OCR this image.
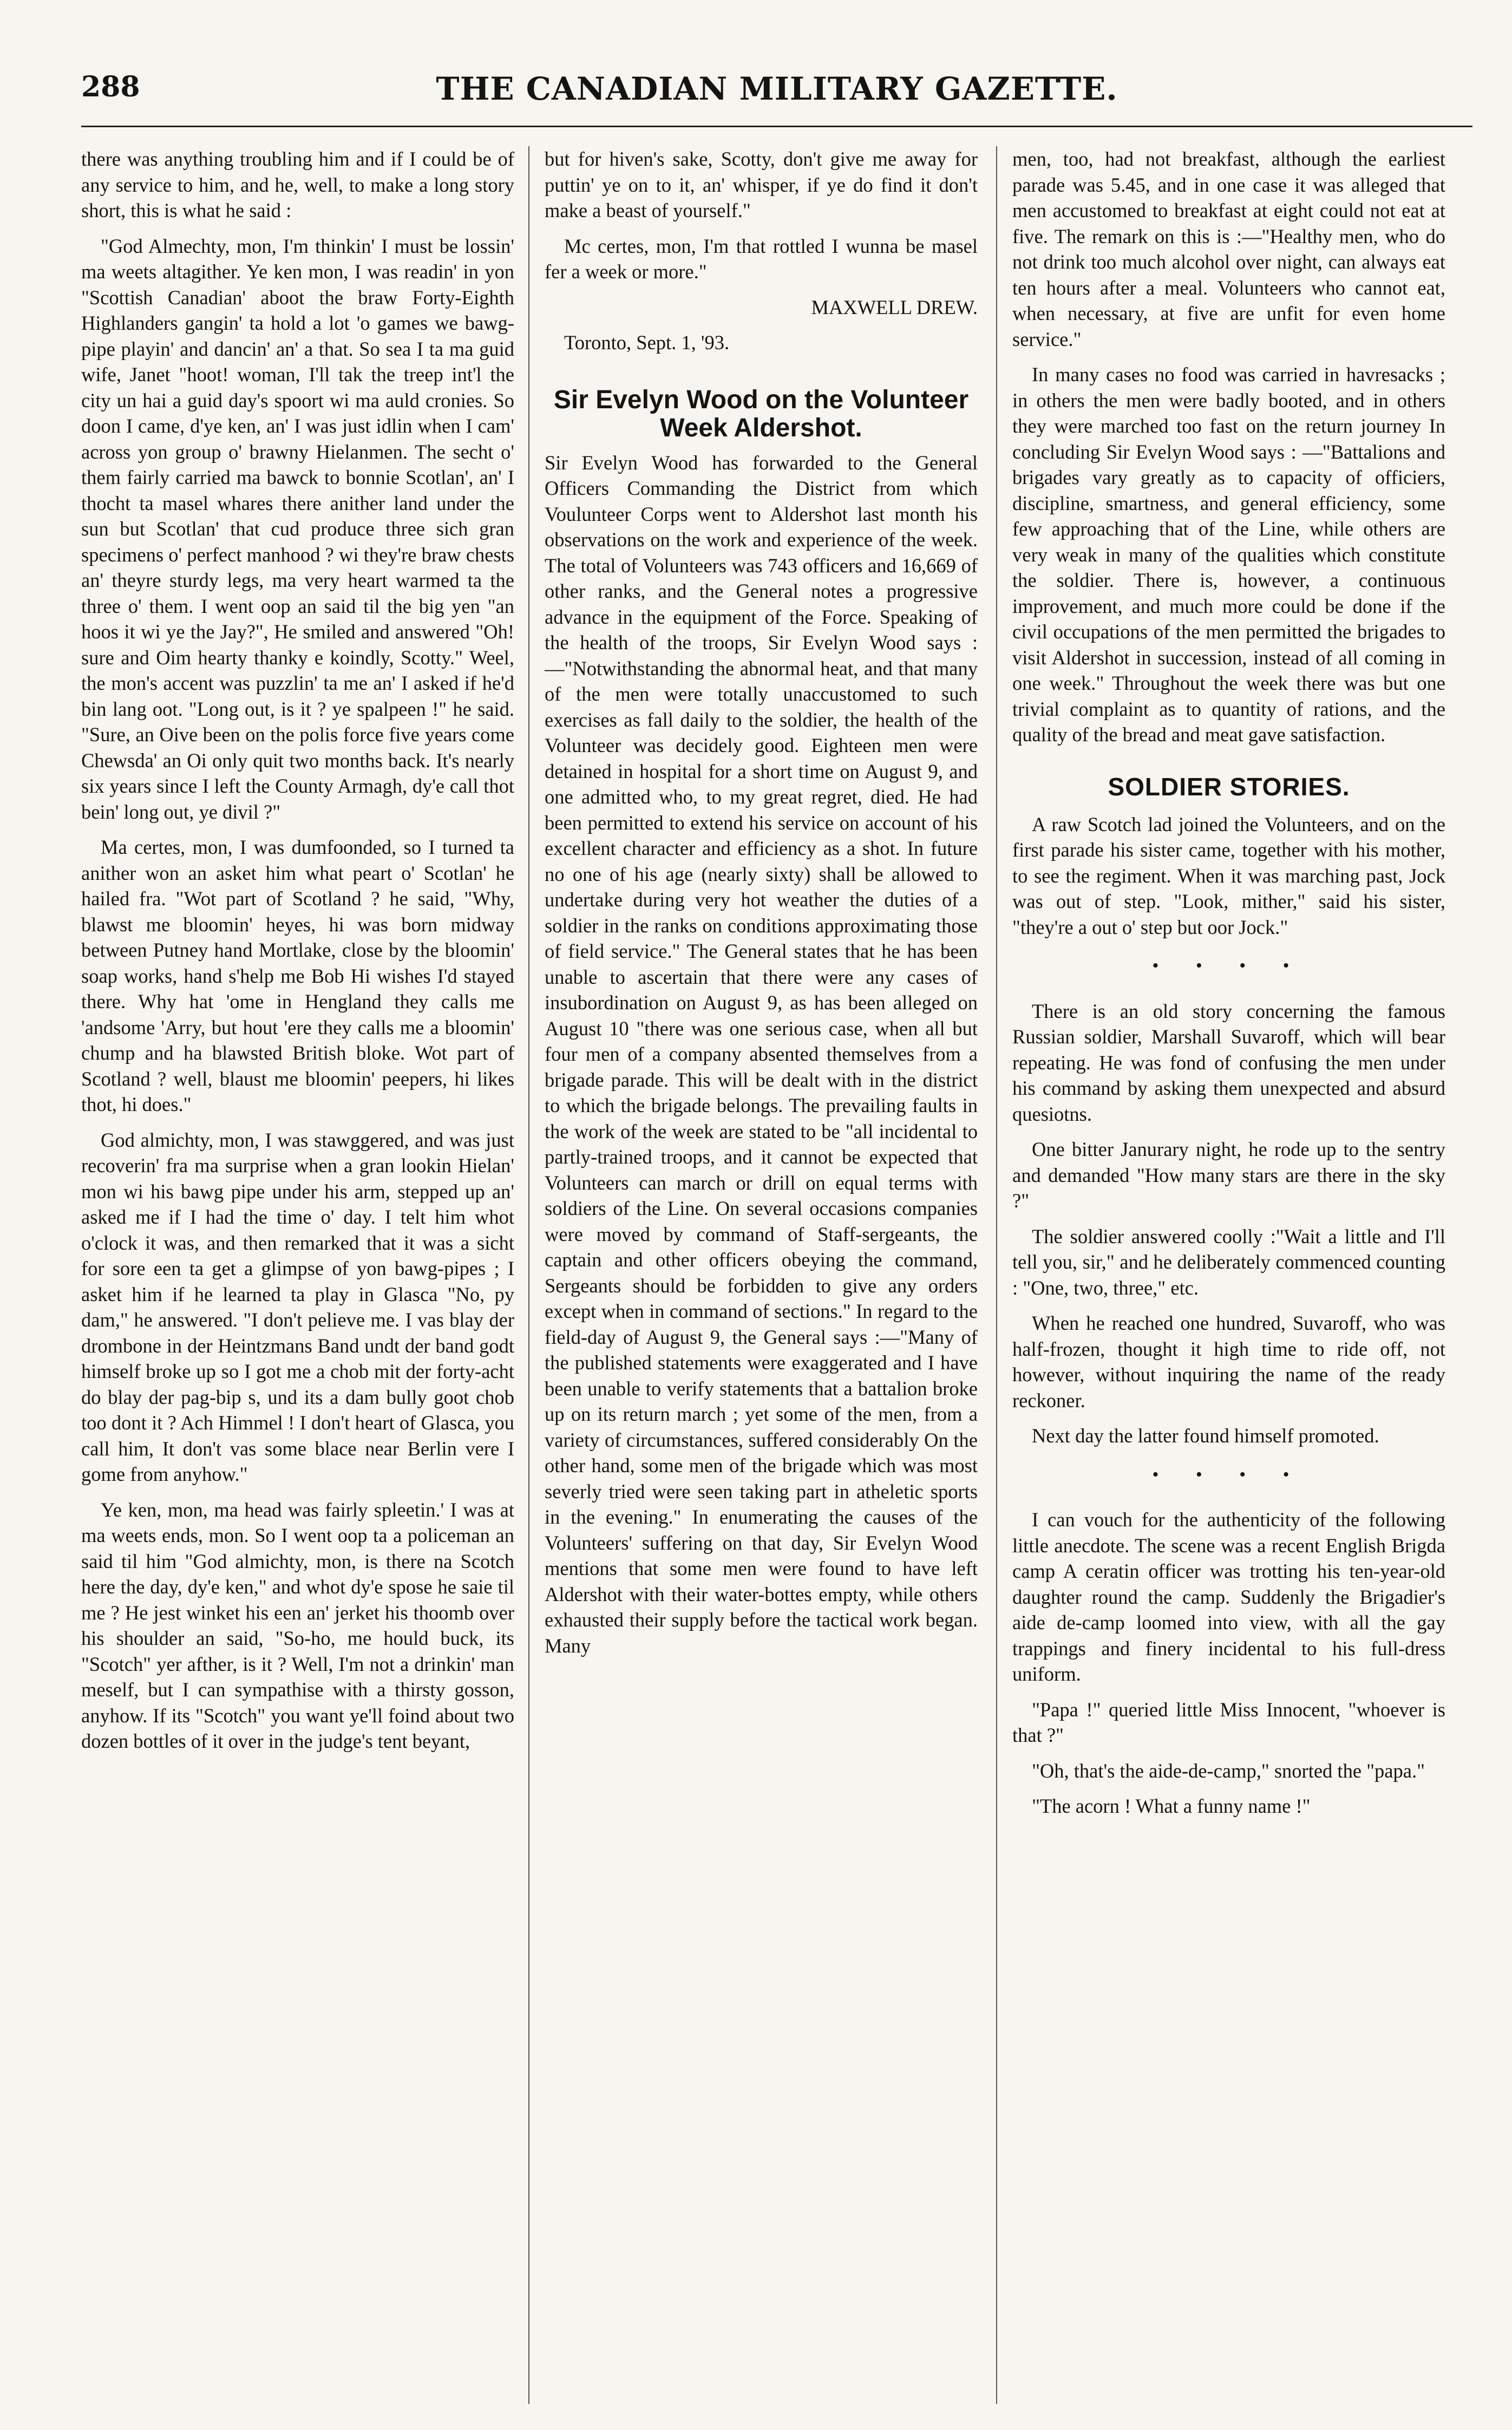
288	THE CANADIAN MILITARY GAZETTE.

there was anything troubling him and if I could be of any service to him, and he, well, to make a long story short, this is what he said :

"God Almechty, mon, I'm thinkin' I must be lossin' ma weets altagither. Ye ken mon, I was readin' in yon "Scottish Canadian' aboot the braw Forty-Eighth Highlanders gangin' ta hold a lot 'o games we bawg-pipe playin' and dancin' an' a that. So sea I ta ma guid wife, Janet "hoot! woman, I'll tak the treep int'l the city un hai a guid day's spoort wi ma auld cronies. So doon I came, d'ye ken, an' I was just idlin when I cam' across yon group o' brawny Hielanmen. The secht o' them fairly carried ma bawck to bonnie Scotlan', an' I thocht ta masel whares there anither land under the sun but Scotlan' that cud produce three sich gran specimens o' perfect manhood ? wi they're braw chests an' theyre sturdy legs, ma very heart warmed ta the three o' them. I went oop an said til the big yen "an hoos it wi ye the Jay?", He smiled and answered "Oh! sure and Oim hearty thanky e koindly, Scotty." Weel, the mon's accent was puzzlin' ta me an' I asked if he'd bin lang oot. "Long out, is it ? ye spalpeen !" he said. "Sure, an Oive been on the polis force five years come Chewsda' an Oi only quit two months back. It's nearly six years since I left the County Armagh, dy'e call thot bein' long out, ye divil ?"

Ma certes, mon, I was dumfoonded, so I turned ta anither won an asket him what peart o' Scotlan' he hailed fra. "Wot part of Scotland ? he said, "Why, blawst me bloomin' heyes, hi was born midway between Putney hand Mortlake, close by the bloomin' soap works, hand s'help me Bob Hi wishes I'd stayed there. Why hat 'ome in Hengland they calls me 'andsome 'Arry, but hout 'ere they calls me a bloomin' chump and ha blawsted British bloke. Wot part of Scotland ? well, blaust me bloomin' peepers, hi likes thot, hi does."

God almichty, mon, I was stawggered, and was just recoverin' fra ma surprise when a gran lookin Hielan' mon wi his bawg pipe under his arm, stepped up an' asked me if I had the time o' day. I telt him whot o'clock it was, and then remarked that it was a sicht for sore een ta get a glimpse of yon bawg-pipes ; I asket him if he learned ta play in Glasca "No, py dam," he answered. "I don't pelieve me. I vas blay der drombone in der Heintzmans Band undt der band godt himself broke up so I got me a chob mit der forty-acht do blay der pag-bip s, und its a dam bully goot chob too dont it ? Ach Himmel ! I don't heart of Glasca, you call him, It don't vas some blace near Berlin vere I gome from anyhow."

Ye ken, mon, ma head was fairly spleetin.' I was at ma weets ends, mon. So I went oop ta a policeman an said til him "God almichty, mon, is there na Scotch here the day, dy'e ken," and whot dy'e spose he saie til me ? He jest winket his een an' jerket his thoomb over his shoulder an said, "So-ho, me hould buck, its "Scotch" yer afther, is it ? Well, I'm not a drinkin' man meself, but I can sympathise with a thirsty gosson, anyhow. If its "Scotch" you want ye'll foind about two dozen bottles of it over in the judge's tent beyant,

but for hiven's sake, Scotty, don't give me away for puttin' ye on to it, an' whisper, if ye do find it don't make a beast of yourself."

Mc certes, mon, I'm that rottled I wunna be masel fer a week or more."

MAXWELL DREW.

Toronto, Sept. 1, '93.

Sir Evelyn Wood on the Volunteer Week Aldershot.

Sir Evelyn Wood has forwarded to the General Officers Commanding the District from which Voulunteer Corps went to Aldershot last month his observations on the work and experience of the week. The total of Volunteers was 743 officers and 16,669 of other ranks, and the General notes a progressive advance in the equipment of the Force. Speaking of the health of the troops, Sir Evelyn Wood says :—"Notwithstanding the abnormal heat, and that many of the men were totally unaccustomed to such exercises as fall daily to the soldier, the health of the Volunteer was decidely good. Eighteen men were detained in hospital for a short time on August 9, and one admitted who, to my great regret, died. He had been permitted to extend his service on account of his excellent character and efficiency as a shot. In future no one of his age (nearly sixty) shall be allowed to undertake during very hot weather the duties of a soldier in the ranks on conditions approximating those of field service." The General states that he has been unable to ascertain that there were any cases of insubordination on August 9, as has been alleged on August 10 "there was one serious case, when all but four men of a company absented themselves from a brigade parade. This will be dealt with in the district to which the brigade belongs. The prevailing faults in the work of the week are stated to be "all incidental to partly-trained troops, and it cannot be expected that Volunteers can march or drill on equal terms with soldiers of the Line. On several occasions companies were moved by command of Staff-sergeants, the captain and other officers obeying the command, Sergeants should be forbidden to give any orders except when in command of sections." In regard to the field-day of August 9, the General says :—"Many of the published statements were exaggerated and I have been unable to verify statements that a battalion broke up on its return march ; yet some of the men, from a variety of circumstances, suffered considerably On the other hand, some men of the brigade which was most severly tried were seen taking part in atheletic sports in the evening." In enumerating the causes of the Volunteers' suffering on that day, Sir Evelyn Wood mentions that some men were found to have left Aldershot with their water-bottes empty, while others exhausted their supply before the tactical work began. Many

men, too, had not breakfast, although the earliest parade was 5.45, and in one case it was alleged that men accustomed to breakfast at eight could not eat at five. The remark on this is :—"Healthy men, who do not drink too much alcohol over night, can always eat ten hours after a meal. Volunteers who cannot eat, when necessary, at five are unfit for even home service."

In many cases no food was carried in havresacks ; in others the men were badly booted, and in others they were marched too fast on the return journey In concluding Sir Evelyn Wood says : —"Battalions and brigades vary greatly as to capacity of officiers, discipline, smartness, and general efficiency, some few approaching that of the Line, while others are very weak in many of the qualities which constitute the soldier. There is, however, a continuous improvement, and much more could be done if the civil occupations of the men permitted the brigades to visit Aldershot in succession, instead of all coming in one week." Throughout the week there was but one trivial complaint as to quantity of rations, and the quality of the bread and meat gave satisfaction.

SOLDIER STORIES.

A raw Scotch lad joined the Volunteers, and on the first parade his sister came, together with his mother, to see the regiment. When it was marching past, Jock was out of step. "Look, mither," said his sister, "they're a out o' step but oor Jock."

• • • •

There is an old story concerning the famous Russian soldier, Marshall Suvaroff, which will bear repeating. He was fond of confusing the men under his command by asking them unexpected and absurd quesiotns.

One bitter Janurary night, he rode up to the sentry and demanded "How many stars are there in the sky ?"

The soldier answered coolly :"Wait a little and I'll tell you, sir," and he deliberately commenced counting : "One, two, three," etc.

When he reached one hundred, Suvaroff, who was half-frozen, thought it high time to ride off, not however, without inquiring the name of the ready reckoner.

Next day the latter found himself promoted.

• • • •

I can vouch for the authenticity of the following little anecdote. The scene was a recent English Brigda camp A ceratin officer was trotting his ten-year-old daughter round the camp. Suddenly the Brigadier's aide de-camp loomed into view, with all the gay trappings and finery incidental to his full-dress uniform.

"Papa !" queried little Miss Innocent, "whoever is that ?"

"Oh, that's the aide-de-camp," snorted the "papa."

"The acorn ! What a funny name !"
